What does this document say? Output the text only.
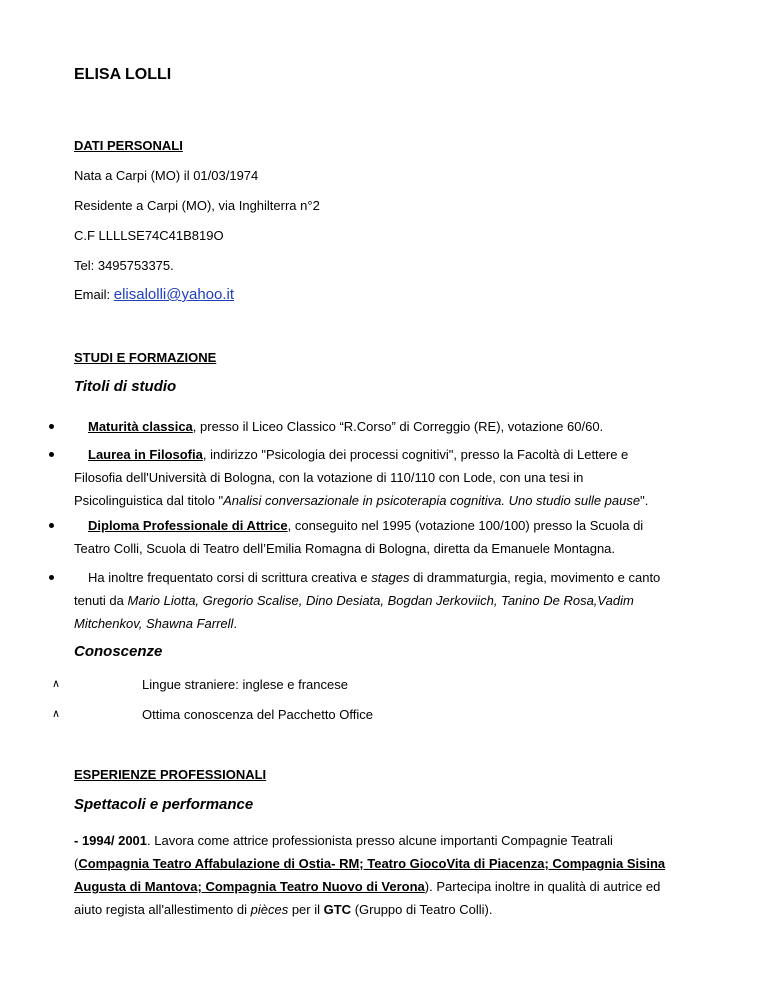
ELISA LOLLI
DATI PERSONALI

Nata a Carpi (MO) il 01/03/1974

Residente a Carpi (MO), via Inghilterra n°2

C.F LLLLSE74C41B819O

Tel: 3495753375.

Email: elisalolli@yahoo.it

STUDI E FORMAZIONE
Titoli di studio
Maturità classica, presso il Liceo Classico “R.Corso” di Correggio (RE), votazione 60/60.
Laurea in Filosofia, indirizzo "Psicologia dei processi cognitivi", presso la Facoltà di Lettere e
Filosofia dell'Università di Bologna, con la votazione di 110/110 con Lode, con una tesi in
Psicolinguistica dal titolo "Analisi conversazionale in psicoterapia cognitiva. Uno studio sulle pause".
Diploma Professionale di Attrice, conseguito nel 1995 (votazione 100/100) presso la Scuola di
Teatro Colli, Scuola di Teatro dell’Emilia Romagna di Bologna, diretta da Emanuele Montagna.
Ha inoltre frequentato corsi di scrittura creativa e stages di drammaturgia, regia, movimento e canto
tenuti da Mario Liotta, Gregorio Scalise, Dino Desiata, Bogdan Jerkoviich, Tanino De Rosa,Vadim
Mitchenkov, Shawna Farrell.
Conoscenze
∧	Lingue straniere: inglese e francese
∧	Ottima conoscenza del Pacchetto Office
ESPERIENZE PROFESSIONALI
Spettacoli e performance
- 1994/ 2001. Lavora come attrice professionista presso alcune importanti Compagnie Teatrali
(Compagnia Teatro Affabulazione di Ostia- RM; Teatro GiocoVita di Piacenza; Compagnia Sisina
Augusta di Mantova; Compagnia Teatro Nuovo di Verona). Partecipa inoltre in qualità di autrice ed
aiuto regista all'allestimento di pièces per il GTC (Gruppo di Teatro Colli).
